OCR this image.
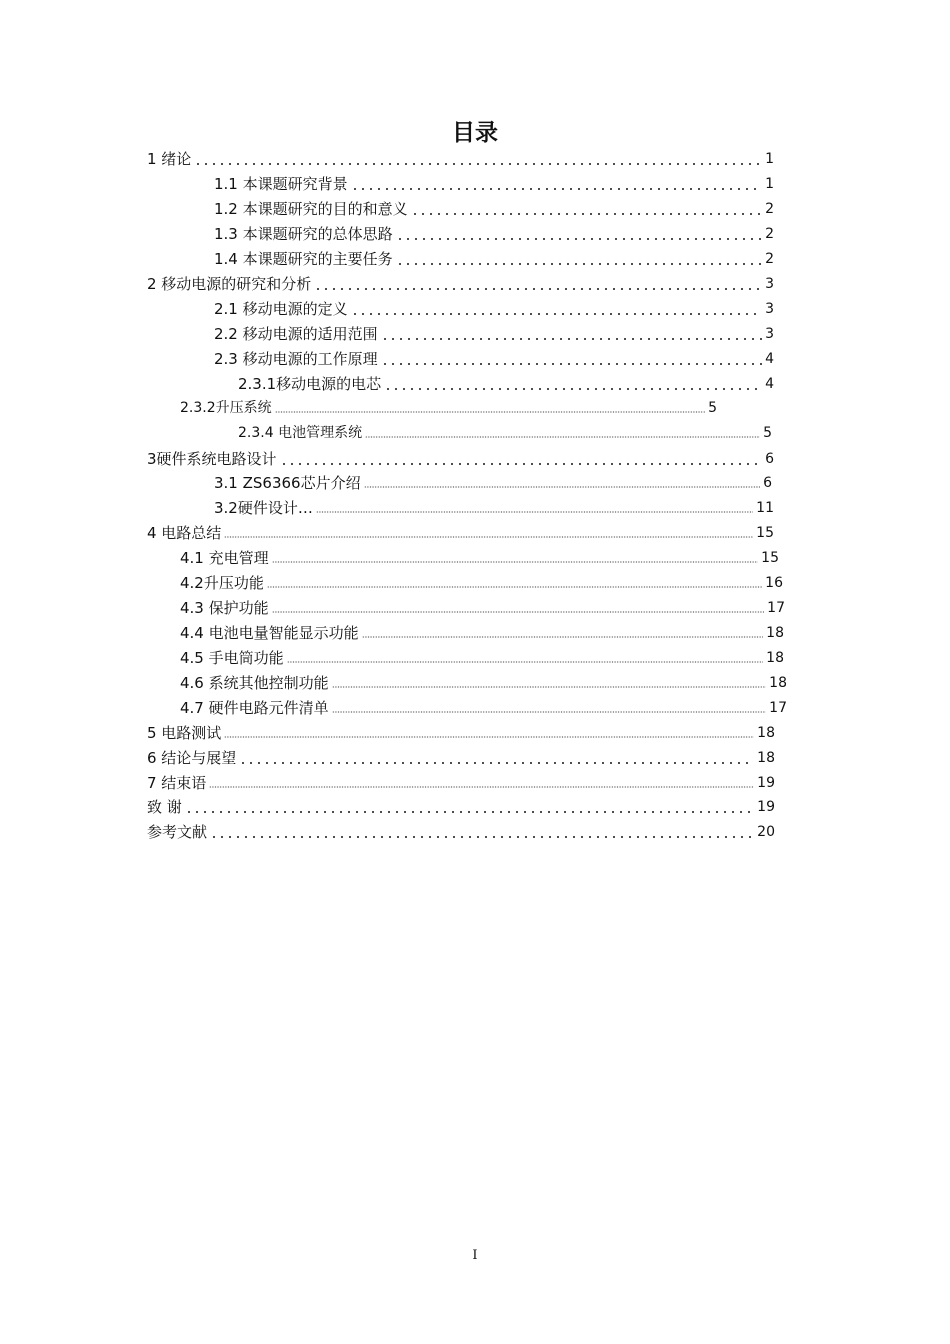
目录
1 绪论	1
1.1 本课题研究背景	1
1.2 本课题研究的目的和意义	2
1.3 本课题研究的总体思路	2
1.4 本课题研究的主要任务	2
2 移动电源的研究和分析	3
2.1 移动电源的定义	3
2.2 移动电源的适用范围	3
2.3 移动电源的工作原理	4
2.3.1移动电源的电芯	4
2.3.2升压系统	5
2.3.4 电池管理系统	5
3硬件系统电路设计	6
3.1 ZS6366芯片介绍	6
3.2硬件设计…	11
4 电路总结	15
4.1 充电管理	15
4.2升压功能	16
4.3 保护功能	17
4.4 电池电量智能显示功能	18
4.5 手电筒功能	18
4.6 系统其他控制功能	18
4.7 硬件电路元件清单	17
5 电路测试	18
6 结论与展望	18
7 结束语	19
致 谢	19
参考文献	20
I
